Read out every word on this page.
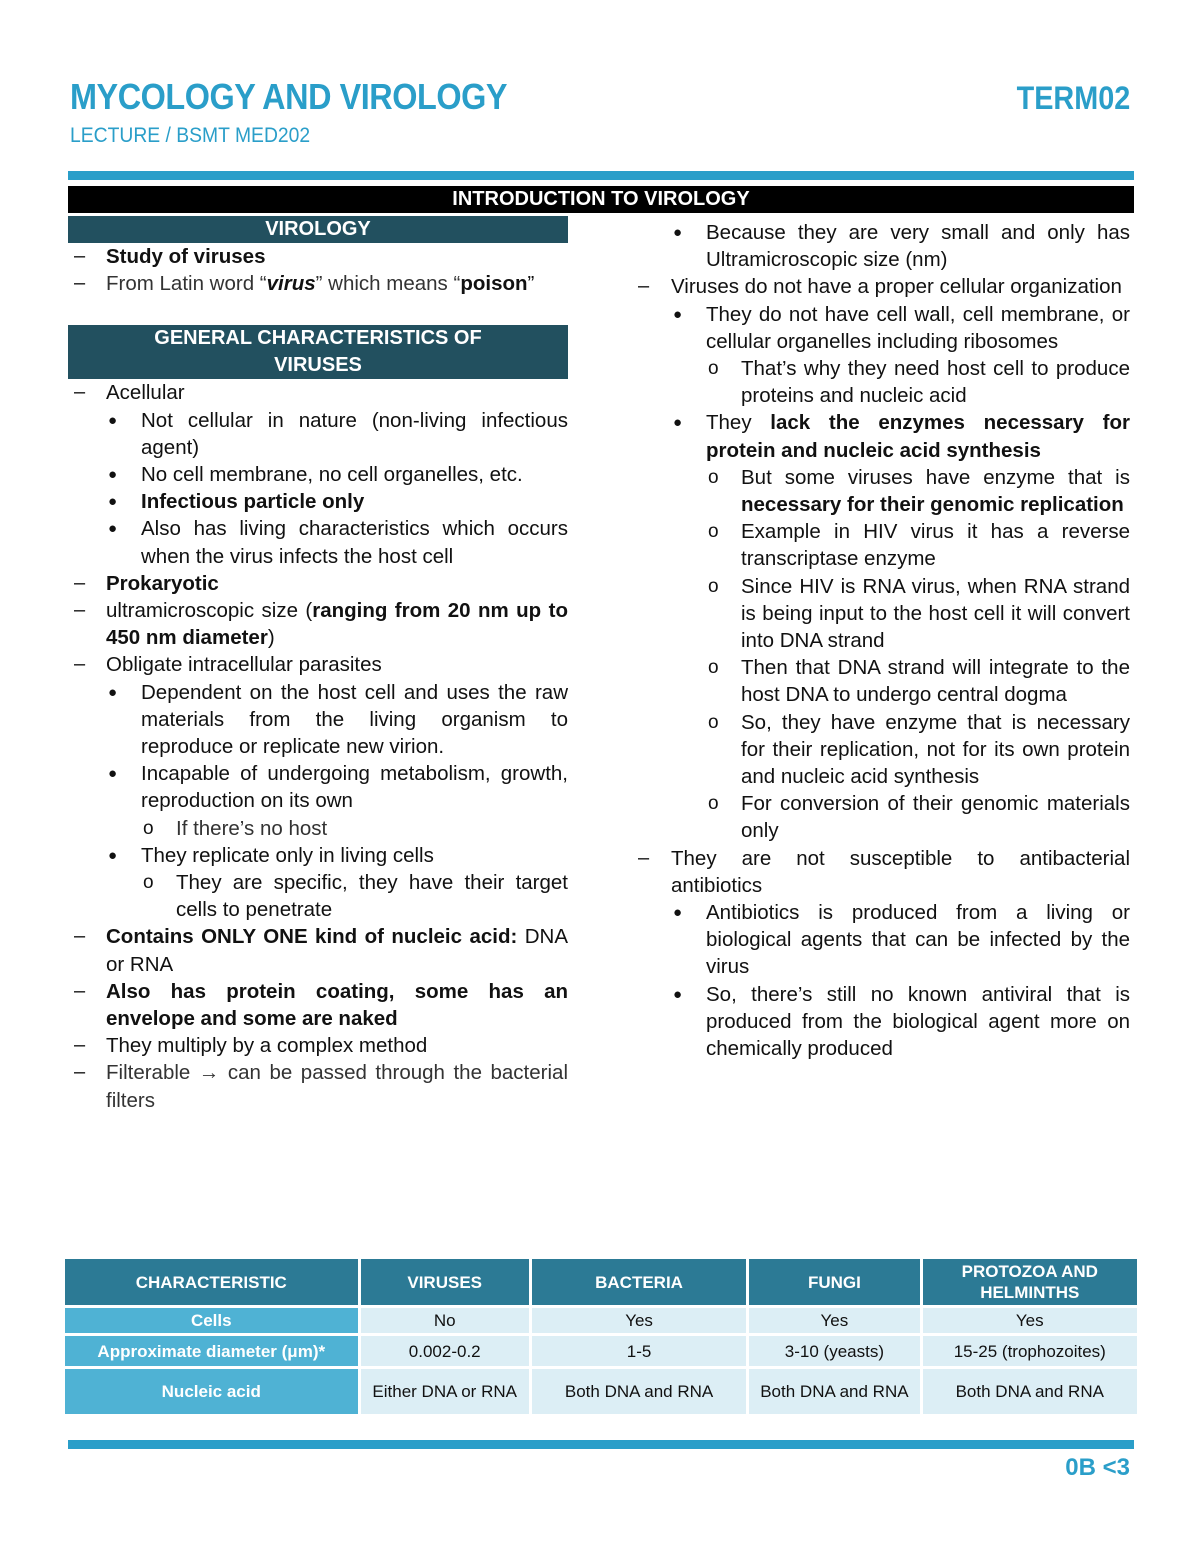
MYCOLOGY AND VIROLOGY
LECTURE / BSMT MED202
TERM02
INTRODUCTION TO VIROLOGY
VIROLOGY
– Study of viruses
– From Latin word “virus” which means “poison”
GENERAL CHARACTERISTICS OF
VIRUSES
– Acellular
● Not cellular in nature (non-living infectious agent)
● No cell membrane, no cell organelles, etc.
● Infectious particle only
● Also has living characteristics which occurs when the virus infects the host cell
– Prokaryotic
– ultramicroscopic size (ranging from 20 nm up to 450 nm diameter)
– Obligate intracellular parasites
● Dependent on the host cell and uses the raw materials from the living organism to reproduce or replicate new virion.
● Incapable of undergoing metabolism, growth, reproduction on its own
o If there’s no host
● They replicate only in living cells
o They are specific, they have their target cells to penetrate
– Contains ONLY ONE kind of nucleic acid: DNA or RNA
– Also has protein coating, some has an envelope and some are naked
– They multiply by a complex method
– Filterable → can be passed through the bacterial filters
● Because they are very small and only has Ultramicroscopic size (nm)
– Viruses do not have a proper cellular organization
● They do not have cell wall, cell membrane, or cellular organelles including ribosomes
o That’s why they need host cell to produce proteins and nucleic acid
● They lack the enzymes necessary for protein and nucleic acid synthesis
o But some viruses have enzyme that is necessary for their genomic replication
o Example in HIV virus it has a reverse transcriptase enzyme
o Since HIV is RNA virus, when RNA strand is being input to the host cell it will convert into DNA strand
o Then that DNA strand will integrate to the host DNA to undergo central dogma
o So, they have enzyme that is necessary for their replication, not for its own protein and nucleic acid synthesis
o For conversion of their genomic materials only
– They are not susceptible to antibacterial antibiotics
● Antibiotics is produced from a living or biological agents that can be infected by the virus
● So, there’s still no known antiviral that is produced from the biological agent more on chemically produced
CHARACTERISTIC	VIRUSES	BACTERIA	FUNGI	PROTOZOA AND HELMINTHS
Cells	No	Yes	Yes	Yes
Approximate diameter (μm)*	0.002-0.2	1-5	3-10 (yeasts)	15-25 (trophozoites)
Nucleic acid	Either DNA or RNA	Both DNA and RNA	Both DNA and RNA	Both DNA and RNA
0B <3
